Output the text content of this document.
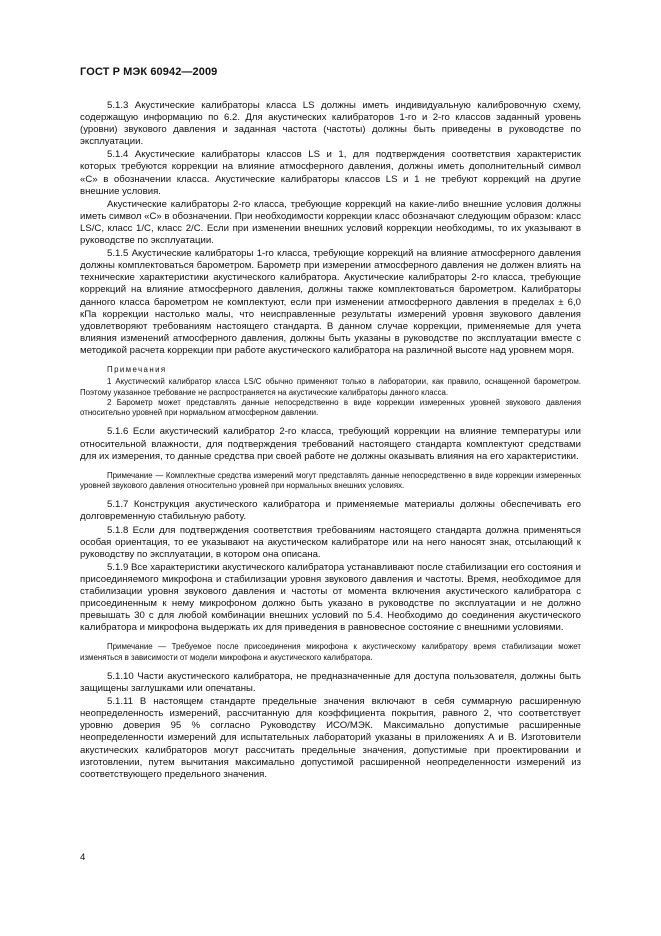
ГОСТ Р МЭК 60942—2009

5.1.3 Акустические калибраторы класса LS должны иметь индивидуальную калибровочную схему, содержащую информацию по 6.2. Для акустических калибраторов 1-го и 2-го классов заданный уровень (уровни) звукового давления и заданная частота (частоты) должны быть приведены в руководстве по эксплуатации.

5.1.4 Акустические калибраторы классов LS и 1, для подтверждения соответствия характеристик которых требуются коррекции на влияние атмосферного давления, должны иметь дополнительный символ «С» в обозначении класса. Акустические калибраторы классов LS и 1 не требуют коррекций на другие внешние условия.

Акустические калибраторы 2-го класса, требующие коррекций на какие-либо внешние условия должны иметь символ «С» в обозначении. При необходимости коррекции класс обозначают следующим образом: класс LS/C, класс 1/C, класс 2/C. Если при изменении внешних условий коррекции необходимы, то их указывают в руководстве по эксплуатации.

5.1.5 Акустические калибраторы 1-го класса, требующие коррекций на влияние атмосферного давления должны комплектоваться барометром. Барометр при измерении атмосферного давления не должен влиять на технические характеристики акустического калибратора. Акустические калибраторы 2-го класса, требующие коррекций на влияние атмосферного давления, должны также комплектоваться барометром. Калибраторы данного класса барометром не комплектуют, если при изменении атмосферного давления в пределах ± 6,0 кПа коррекции настолько малы, что неисправленные результаты измерений уровня звукового давления удовлетворяют требованиям настоящего стандарта. В данном случае коррекции, применяемые для учета влияния изменений атмосферного давления, должны быть указаны в руководстве по эксплуатации вместе с методикой расчета коррекции при работе акустического калибратора на различной высоте над уровнем моря.

Примечания

1 Акустический калибратор класса LS/C обычно применяют только в лаборатории, как правило, оснащенной барометром. Поэтому указанное требование не распространяется на акустические калибраторы данного класса.

2 Барометр может представлять данные непосредственно в виде коррекции измеренных уровней звукового давления относительно уровней при нормальном атмосферном давлении.

5.1.6 Если акустический калибратор 2-го класса, требующий коррекции на влияние температуры или относительной влажности, для подтверждения требований настоящего стандарта комплектуют средствами для их измерения, то данные средства при своей работе не должны оказывать влияния на его характеристики.

Примечание — Комплектные средства измерений могут представлять данные непосредственно в виде коррекции измеренных уровней звукового давления относительно уровней при нормальных внешних условиях.

5.1.7 Конструкция акустического калибратора и применяемые материалы должны обеспечивать его долговременную стабильную работу.

5.1.8 Если для подтверждения соответствия требованиям настоящего стандарта должна применяться особая ориентация, то ее указывают на акустическом калибраторе или на него наносят знак, отсылающий к руководству по эксплуатации, в котором она описана.

5.1.9 Все характеристики акустического калибратора устанавливают после стабилизации его состояния и присоединяемого микрофона и стабилизации уровня звукового давления и частоты. Время, необходимое для стабилизации уровня звукового давления и частоты от момента включения акустического калибратора с присоединенным к нему микрофоном должно быть указано в руководстве по эксплуатации и не должно превышать 30 с для любой комбинации внешних условий по 5.4. Необходимо до соединения акустического калибратора и микрофона выдержать их для приведения в равновесное состояние с внешними условиями.

Примечание — Требуемое после присоединения микрофона к акустическому калибратору время стабилизации может изменяться в зависимости от модели микрофона и акустического калибратора.

5.1.10 Части акустического калибратора, не предназначенные для доступа пользователя, должны быть защищены заглушками или опечатаны.

5.1.11 В настоящем стандарте предельные значения включают в себя суммарную расширенную неопределенность измерений, рассчитанную для коэффициента покрытия, равного 2, что соответствует уровню доверия 95 % согласно Руководству ИСО/МЭК. Максимально допустимые расширенные неопределенности измерений для испытательных лабораторий указаны в приложениях А и В. Изготовители акустических калибраторов могут рассчитать предельные значения, допустимые при проектировании и изготовлении, путем вычитания максимально допустимой расширенной неопределенности измерений из соответствующего предельного значения.

4
